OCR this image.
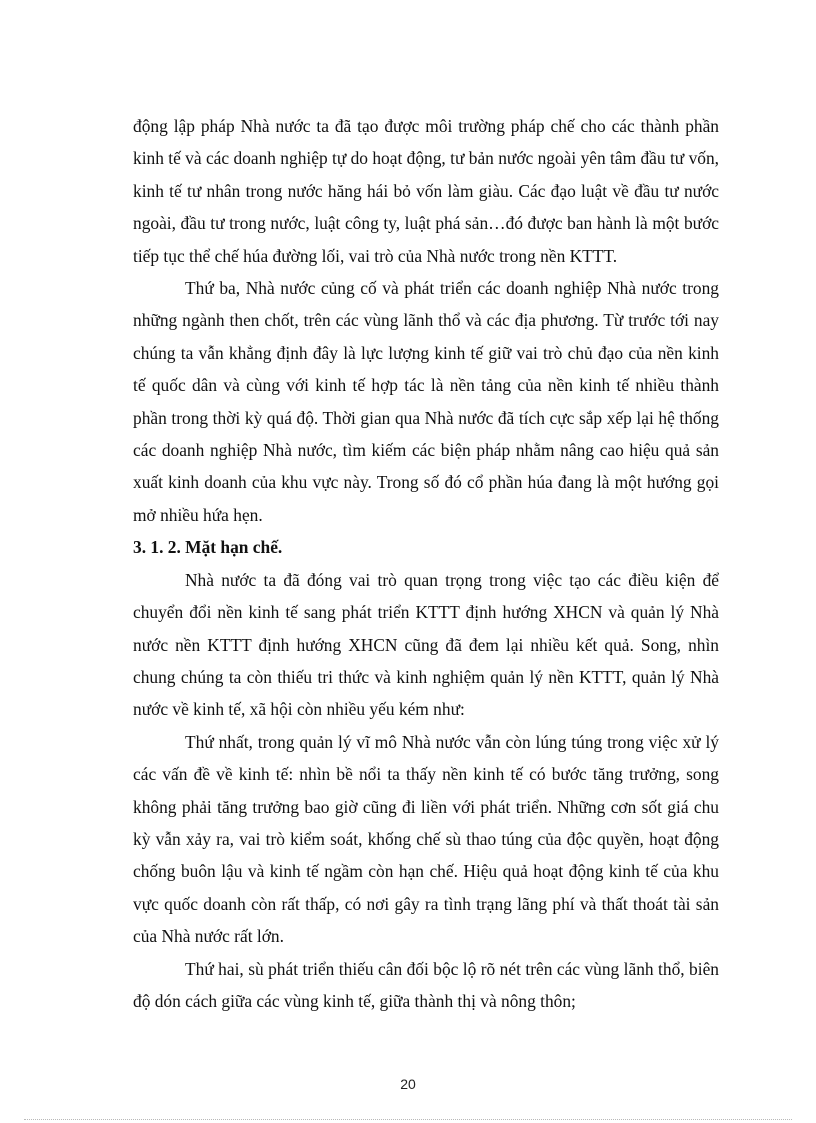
động lập pháp Nhà nước ta đã tạo được môi trường pháp chế cho các thành phần kinh tế và các doanh nghiệp tự do hoạt động, tư bản nước ngoài yên tâm đầu tư vốn, kinh tế tư nhân trong nước hăng hái bỏ vốn làm giàu. Các đạo luật về đầu tư nước ngoài, đầu tư trong nước, luật công ty, luật phá sản…đó được ban hành là một bước tiếp tục thể chế húa đường lối, vai trò của Nhà nước trong nền KTTT.

Thứ ba, Nhà nước củng cố và phát triển các doanh nghiệp Nhà nước trong những ngành then chốt, trên các vùng lãnh thổ và các địa phương. Từ trước tới nay chúng ta vẫn khẳng định đây là lực lượng kinh tế giữ vai trò chủ đạo của nền kinh tế quốc dân và cùng với kinh tế hợp tác là nền tảng của nền kinh tế nhiều thành phần trong thời kỳ quá độ. Thời gian qua Nhà nước đã tích cực sắp xếp lại hệ thống các doanh nghiệp Nhà nước, tìm kiếm các biện pháp nhằm nâng cao hiệu quả sản xuất kinh doanh của khu vực này. Trong số đó cổ phần húa đang là một hướng gọi mở nhiều hứa hẹn.

3. 1. 2. Mặt hạn chế.

Nhà nước ta đã đóng vai trò quan trọng trong việc tạo các điều kiện để chuyển đổi nền kinh tế sang phát triển KTTT định hướng XHCN và quản lý Nhà nước nền KTTT định hướng XHCN cũng đã đem lại nhiều kết quả. Song, nhìn chung chúng ta còn thiếu tri thức và kinh nghiệm quản lý nền KTTT, quản lý Nhà nước về kinh tế, xã hội còn nhiều yếu kém như:

Thứ nhất, trong quản lý vĩ mô Nhà nước vẫn còn lúng túng trong việc xử lý các vấn đề về kinh tế: nhìn bề nổi ta thấy nền kinh tế có bước tăng trưởng, song không phải tăng trưởng bao giờ cũng đi liền với phát triển. Những cơn sốt giá chu kỳ vẫn xảy ra, vai trò kiểm soát, khống chế sù thao túng của độc quyền, hoạt động chống buôn lậu và kinh tế ngầm còn hạn chế. Hiệu quả hoạt động kinh tế của khu vực quốc doanh còn rất thấp, có nơi gây ra tình trạng lãng phí và thất thoát tài sản của Nhà nước rất lớn.

Thứ hai, sù phát triển thiếu cân đối bộc lộ rõ nét trên các vùng lãnh thổ, biên độ dón cách giữa các vùng kinh tế, giữa thành thị và nông thôn;

20
